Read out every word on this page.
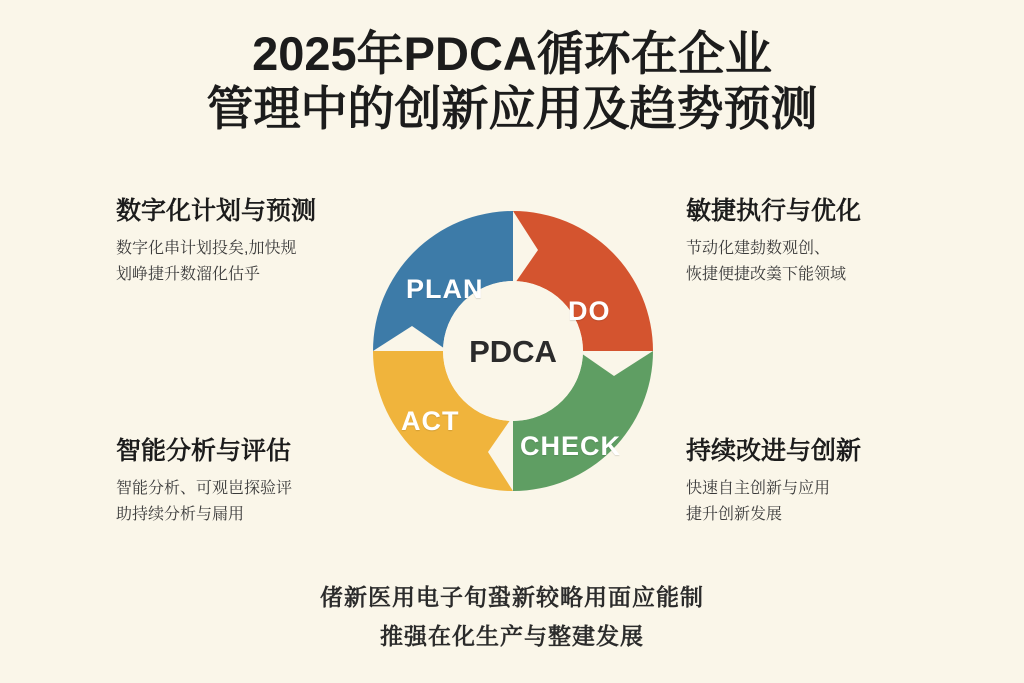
2025年PDCA循环在企业
管理中的创新应用及趋势预测
PLAN
DO
CHECK
ACT
PDCA
数字化计划与预测

数字化串计划投矣,加快规

划峥捷升数溜化估乎

敏捷执行与优化

节动化建勎数观创、

恢捷便捷改羮下能领域

智能分析与评估

智能分析、可观岜探验评

助持续分析与屚用

持续改进与创新

快速自主创新与应用

捷升创新发展

偖新医用电子旬蛩新较略用面应能制
推强在化生产与整建发展
